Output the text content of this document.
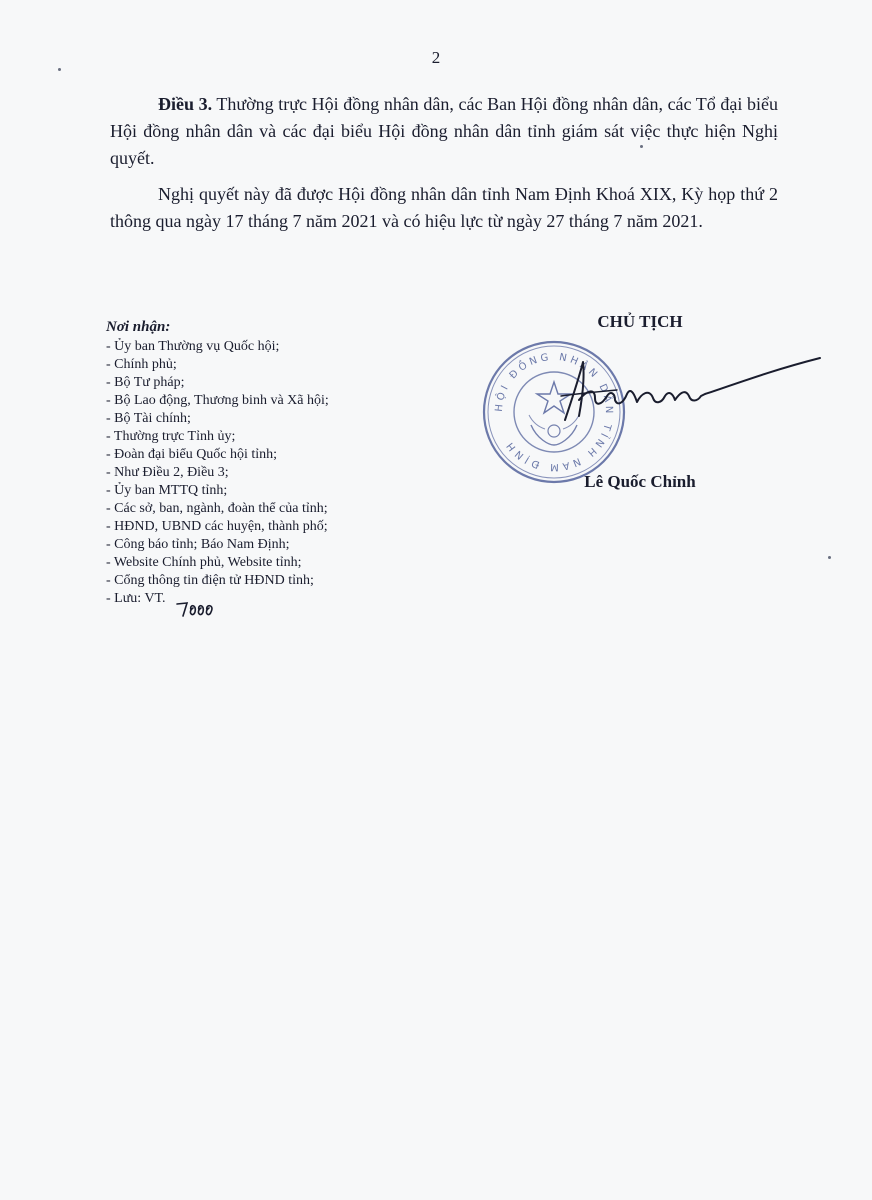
2

Điều 3. Thường trực Hội đồng nhân dân, các Ban Hội đồng nhân dân, các Tổ đại biểu Hội đồng nhân dân và các đại biểu Hội đồng nhân dân tỉnh giám sát việc thực hiện Nghị quyết.

Nghị quyết này đã được Hội đồng nhân dân tỉnh Nam Định Khoá XIX, Kỳ họp thứ 2 thông qua ngày 17 tháng 7 năm 2021 và có hiệu lực từ ngày 27 tháng 7 năm 2021.

Nơi nhận:
- Ủy ban Thường vụ Quốc hội;
- Chính phủ;
- Bộ Tư pháp;
- Bộ Lao động, Thương binh và Xã hội;
- Bộ Tài chính;
- Thường trực Tỉnh ủy;
- Đoàn đại biểu Quốc hội tỉnh;
- Như Điều 2, Điều 3;
- Ủy ban MTTQ tỉnh;
- Các sở, ban, ngành, đoàn thể của tỉnh;
- HĐND, UBND các huyện, thành phố;
- Công báo tỉnh; Báo Nam Định;
- Website Chính phủ, Website tỉnh;
- Cổng thông tin điện tử HĐND tỉnh;
- Lưu: VT.
CHỦ TỊCH
HỘI ĐỒNG NHÂN DÂN TỈNH NAM ĐỊNH
Lê Quốc Chỉnh
